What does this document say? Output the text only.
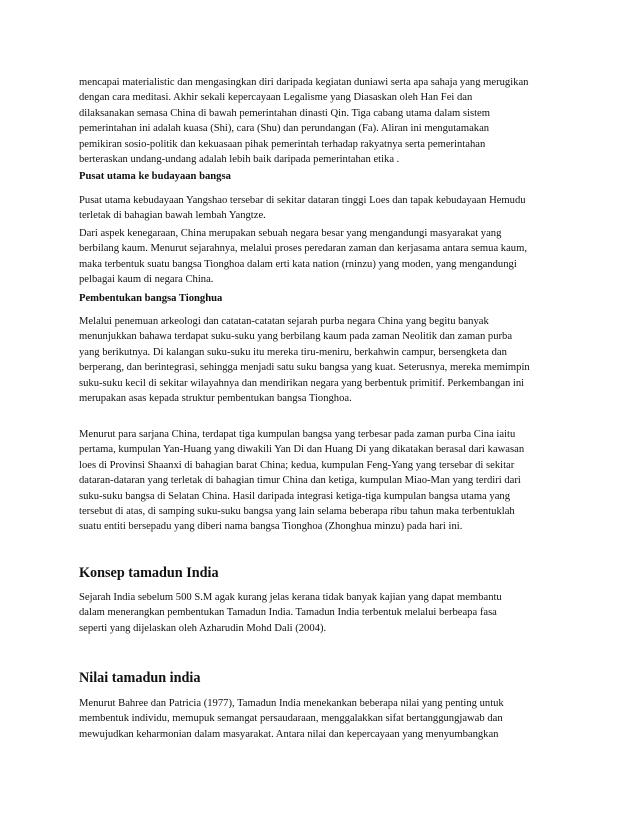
mencapai materialistic dan mengasingkan diri daripada kegiatan duniawi serta apa sahaja yang merugikan
dengan cara meditasi. Akhir sekali kepercayaan Legalisme yang Diasaskan oleh Han Fei dan
dilaksanakan semasa China di bawah pemerintahan dinasti Qin. Tiga cabang utama dalam sistem
pemerintahan ini adalah kuasa (Shi), cara (Shu) dan perundangan (Fa). Aliran ini mengutamakan
pemikiran sosio-politik dan kekuasaan pihak pemerintah terhadap rakyatnya serta pemerintahan
berteraskan undang-undang adalah lebih baik daripada pemerintahan etika .

Pusat utama ke budayaan bangsa

Pusat utama kebudayaan Yangshao tersebar di sekitar dataran tinggi Loes dan tapak kebudayaan Hemudu
terletak di bahagian bawah lembah Yangtze.

Dari aspek kenegaraan, China merupakan sebuah negara besar yang mengandungi masyarakat yang
berbilang kaum. Menurut sejarahnya, melalui proses peredaran zaman dan kerjasama antara semua kaum,
maka terbentuk suatu bangsa Tionghoa dalam erti kata nation (rninzu) yang moden, yang mengandungi
pelbagai kaum di negara China.

Pembentukan bangsa Tionghua

Melalui penemuan arkeologi dan catatan-catatan sejarah purba negara China yang begitu banyak
menunjukkan bahawa terdapat suku-suku yang berbilang kaum pada zaman Neolitik dan zaman purba
yang berikutnya. Di kalangan suku-suku itu mereka tiru-meniru, berkahwin campur, bersengketa dan
berperang, dan berintegrasi, sehingga menjadi satu suku bangsa yang kuat. Seterusnya, mereka memimpin
suku-suku kecil di sekitar wilayahnya dan mendirikan negara yang berbentuk primitif. Perkembangan ini
merupakan asas kepada struktur pembentukan bangsa Tionghoa.

Menurut para sarjana China, terdapat tiga kumpulan bangsa yang terbesar pada zaman purba Cina iaitu
pertama, kumpulan Yan-Huang yang diwakili Yan Di dan Huang Di yang dikatakan berasal dari kawasan
loes di Provinsi Shaanxi di bahagian barat China; kedua, kumpulan Feng-Yang yang tersebar di sekitar
dataran-dataran yang terletak di bahagian timur China dan ketiga, kumpulan Miao-Man yang terdiri dari
suku-suku bangsa di Selatan China. Hasil daripada integrasi ketiga-tiga kumpulan bangsa utama yang
tersebut di atas, di samping suku-suku bangsa yang lain selama beberapa ribu tahun maka terbentuklah
suatu entiti bersepadu yang diberi nama bangsa Tionghoa (Zhonghua minzu) pada hari ini.

Konsep tamadun India

Sejarah India sebelum 500 S.M agak kurang jelas kerana tidak banyak kajian yang dapat membantu
dalam menerangkan pembentukan Tamadun India. Tamadun India terbentuk melalui berbeapa fasa
seperti yang dijelaskan oleh Azharudin Mohd Dali (2004).

Nilai tamadun india

Menurut Bahree dan Patricia (1977), Tamadun India menekankan beberapa nilai yang penting untuk
membentuk individu, memupuk semangat persaudaraan, menggalakkan sifat bertanggungjawab dan
mewujudkan keharmonian dalam masyarakat. Antara nilai dan kepercayaan yang menyumbangkan
